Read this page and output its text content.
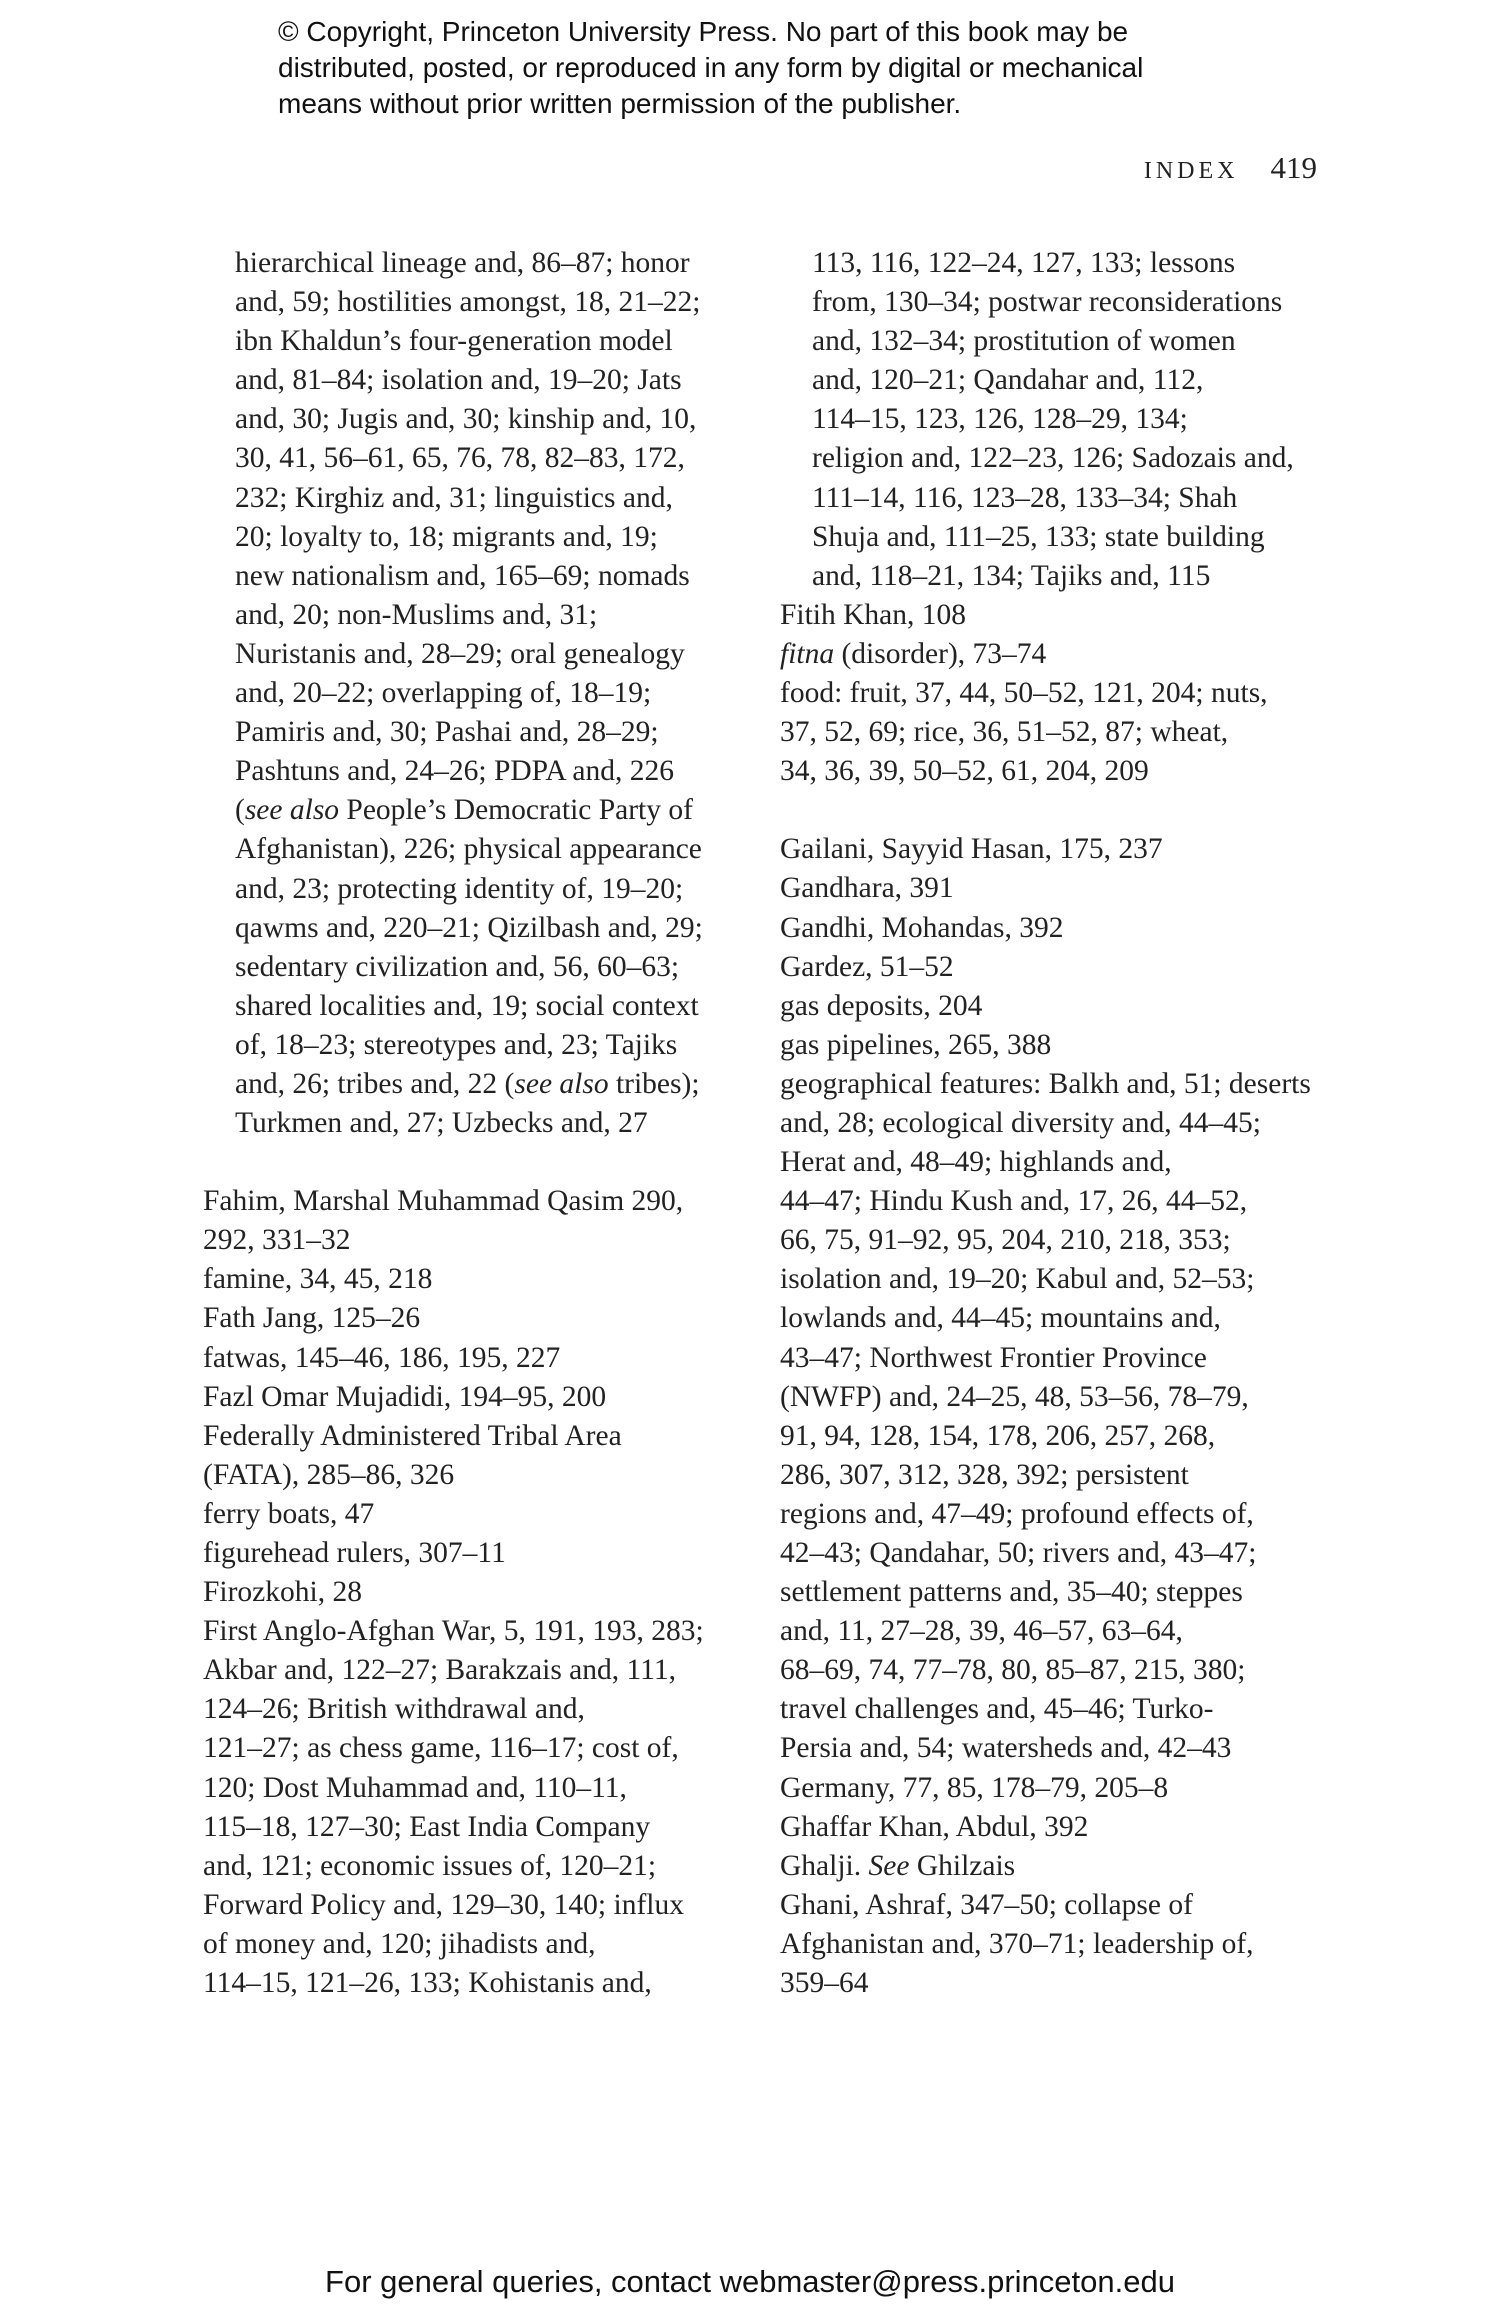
© Copyright, Princeton University Press. No part of this book may be
distributed, posted, or reproduced in any form by digital or mechanical
means without prior written permission of the publisher.
INDEX 419
hierarchical lineage and, 86–87; honor
and, 59; hostilities amongst, 18, 21–22;
ibn Khaldun’s four-generation model
and, 81–84; isolation and, 19–20; Jats
and, 30; Jugis and, 30; kinship and, 10,
30, 41, 56–61, 65, 76, 78, 82–83, 172,
232; Kirghiz and, 31; linguistics and,
20; loyalty to, 18; migrants and, 19;
new nationalism and, 165–69; nomads
and, 20; non-Muslims and, 31;
Nuristanis and, 28–29; oral genealogy
and, 20–22; overlapping of, 18–19;
Pamiris and, 30; Pashai and, 28–29;
Pashtuns and, 24–26; PDPA and, 226
(see also People’s Democratic Party of
Afghanistan), 226; physical appearance
and, 23; protecting identity of, 19–20;
qawms and, 220–21; Qizilbash and, 29;
sedentary civilization and, 56, 60–63;
shared localities and, 19; social context
of, 18–23; stereotypes and, 23; Tajiks
and, 26; tribes and, 22 (see also tribes);
Turkmen and, 27; Uzbecks and, 27
Fahim, Marshal Muhammad Qasim 290,
292, 331–32
famine, 34, 45, 218
Fath Jang, 125–26
fatwas, 145–46, 186, 195, 227
Fazl Omar Mujadidi, 194–95, 200
Federally Administered Tribal Area
(FATA), 285–86, 326
ferry boats, 47
figurehead rulers, 307–11
Firozkohi, 28
First Anglo-Afghan War, 5, 191, 193, 283;
Akbar and, 122–27; Barakzais and, 111,
124–26; British withdrawal and,
121–27; as chess game, 116–17; cost of,
120; Dost Muhammad and, 110–11,
115–18, 127–30; East India Company
and, 121; economic issues of, 120–21;
Forward Policy and, 129–30, 140; influx
of money and, 120; jihadists and,
114–15, 121–26, 133; Kohistanis and,
113, 116, 122–24, 127, 133; lessons
from, 130–34; postwar reconsiderations
and, 132–34; prostitution of women
and, 120–21; Qandahar and, 112,
114–15, 123, 126, 128–29, 134;
religion and, 122–23, 126; Sadozais and,
111–14, 116, 123–28, 133–34; Shah
Shuja and, 111–25, 133; state building
and, 118–21, 134; Tajiks and, 115
Fitih Khan, 108
fitna (disorder), 73–74
food: fruit, 37, 44, 50–52, 121, 204; nuts,
37, 52, 69; rice, 36, 51–52, 87; wheat,
34, 36, 39, 50–52, 61, 204, 209
Gailani, Sayyid Hasan, 175, 237
Gandhara, 391
Gandhi, Mohandas, 392
Gardez, 51–52
gas deposits, 204
gas pipelines, 265, 388
geographical features: Balkh and, 51; deserts
and, 28; ecological diversity and, 44–45;
Herat and, 48–49; highlands and,
44–47; Hindu Kush and, 17, 26, 44–52,
66, 75, 91–92, 95, 204, 210, 218, 353;
isolation and, 19–20; Kabul and, 52–53;
lowlands and, 44–45; mountains and,
43–47; Northwest Frontier Province
(NWFP) and, 24–25, 48, 53–56, 78–79,
91, 94, 128, 154, 178, 206, 257, 268,
286, 307, 312, 328, 392; persistent
regions and, 47–49; profound effects of,
42–43; Qandahar, 50; rivers and, 43–47;
settlement patterns and, 35–40; steppes
and, 11, 27–28, 39, 46–57, 63–64,
68–69, 74, 77–78, 80, 85–87, 215, 380;
travel challenges and, 45–46; Turko-
Persia and, 54; watersheds and, 42–43
Germany, 77, 85, 178–79, 205–8
Ghaffar Khan, Abdul, 392
Ghalji. See Ghilzais
Ghani, Ashraf, 347–50; collapse of
Afghanistan and, 370–71; leadership of,
359–64
For general queries, contact webmaster@press.princeton.edu
